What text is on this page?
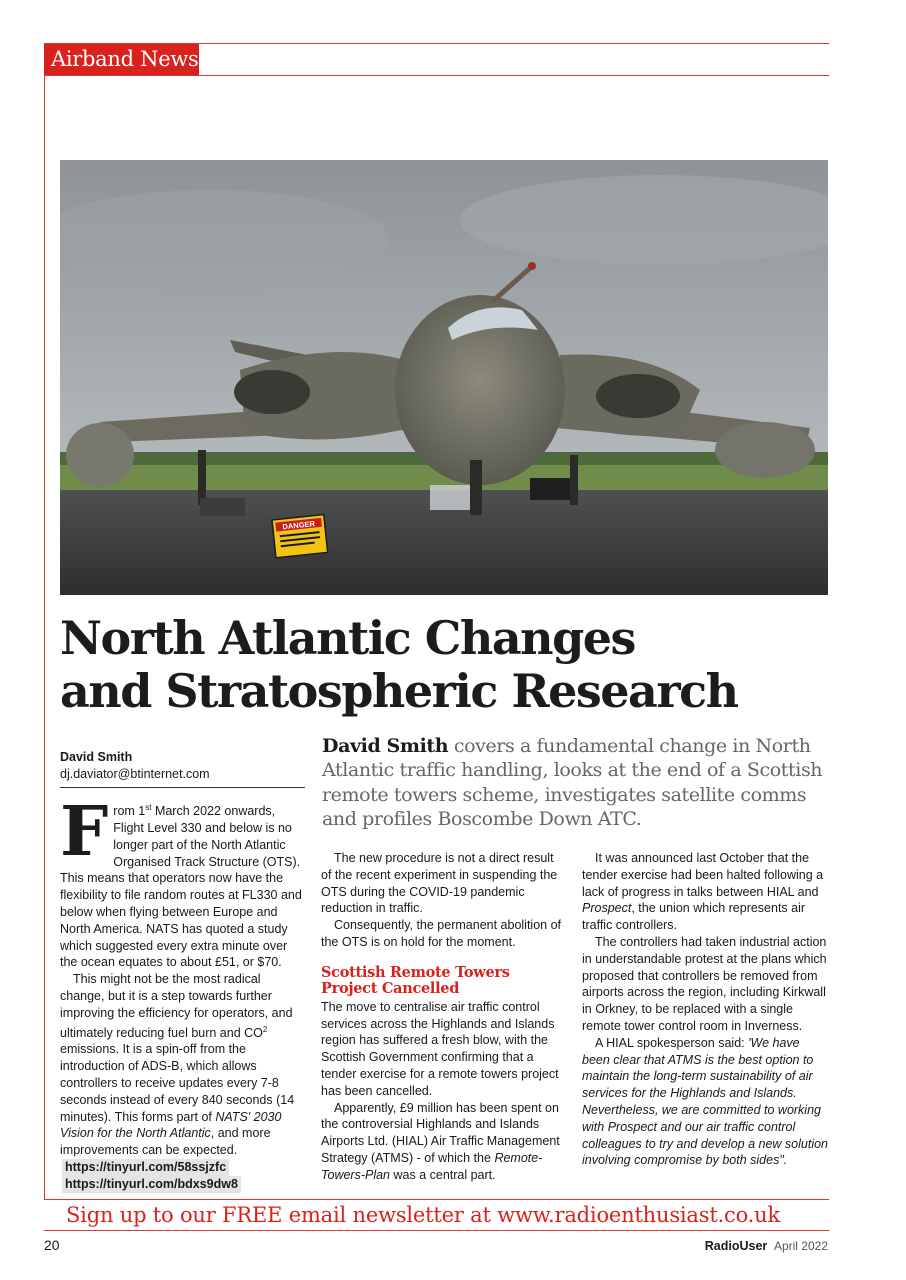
Airband News
DANGER
North Atlantic Changes
and Stratospheric Research
David Smith
dj.daviator@btinternet.com

David Smith covers a fundamental change in North Atlantic traffic handling, looks at the end of a Scottish remote towers scheme, investigates satellite comms and profiles Boscombe Down ATC.

From 1st March 2022 onwards, Flight Level 330 and below is no longer part of the North Atlantic Organised Track Structure (OTS). This means that operators now have the flexibility to file random routes at FL330 and below when flying between Europe and North America. NATS has quoted a study which suggested every extra minute over the ocean equates to about £51, or $70.

This might not be the most radical change, but it is a step towards further improving the efficiency for operators, and ultimately reducing fuel burn and $CO^2$ emissions. It is a spin-off from the introduction of ADS-B, which allows controllers to receive updates every 7-8 seconds instead of every 840 seconds (14 minutes). This forms part of NATS' 2030 Vision for the North Atlantic, and more improvements can be expected.

https://tinyurl.com/58ssjzfc
https://tinyurl.com/bdxs9dw8

The new procedure is not a direct result of the recent experiment in suspending the OTS during the COVID-19 pandemic reduction in traffic.

Consequently, the permanent abolition of the OTS is on hold for the moment.

Scottish Remote Towers Project Cancelled

The move to centralise air traffic control services across the Highlands and Islands region has suffered a fresh blow, with the Scottish Government confirming that a tender exercise for a remote towers project has been cancelled.

Apparently, £9 million has been spent on the controversial Highlands and Islands Airports Ltd. (HIAL) Air Traffic Management Strategy (ATMS) - of which the Remote-Towers-Plan was a central part.

It was announced last October that the tender exercise had been halted following a lack of progress in talks between HIAL and Prospect, the union which represents air traffic controllers.

The controllers had taken industrial action in understandable protest at the plans which proposed that controllers be removed from airports across the region, including Kirkwall in Orkney, to be replaced with a single remote tower control room in Inverness.

A HIAL spokesperson said: 'We have been clear that ATMS is the best option to maintain the long-term sustainability of air services for the Highlands and Islands. Nevertheless, we are committed to working with Prospect and our air traffic control colleagues to try and develop a new solution involving compromise by both sides".

Sign up to our FREE email newsletter at www.radioenthusiast.co.uk
20	RadioUser April 2022
